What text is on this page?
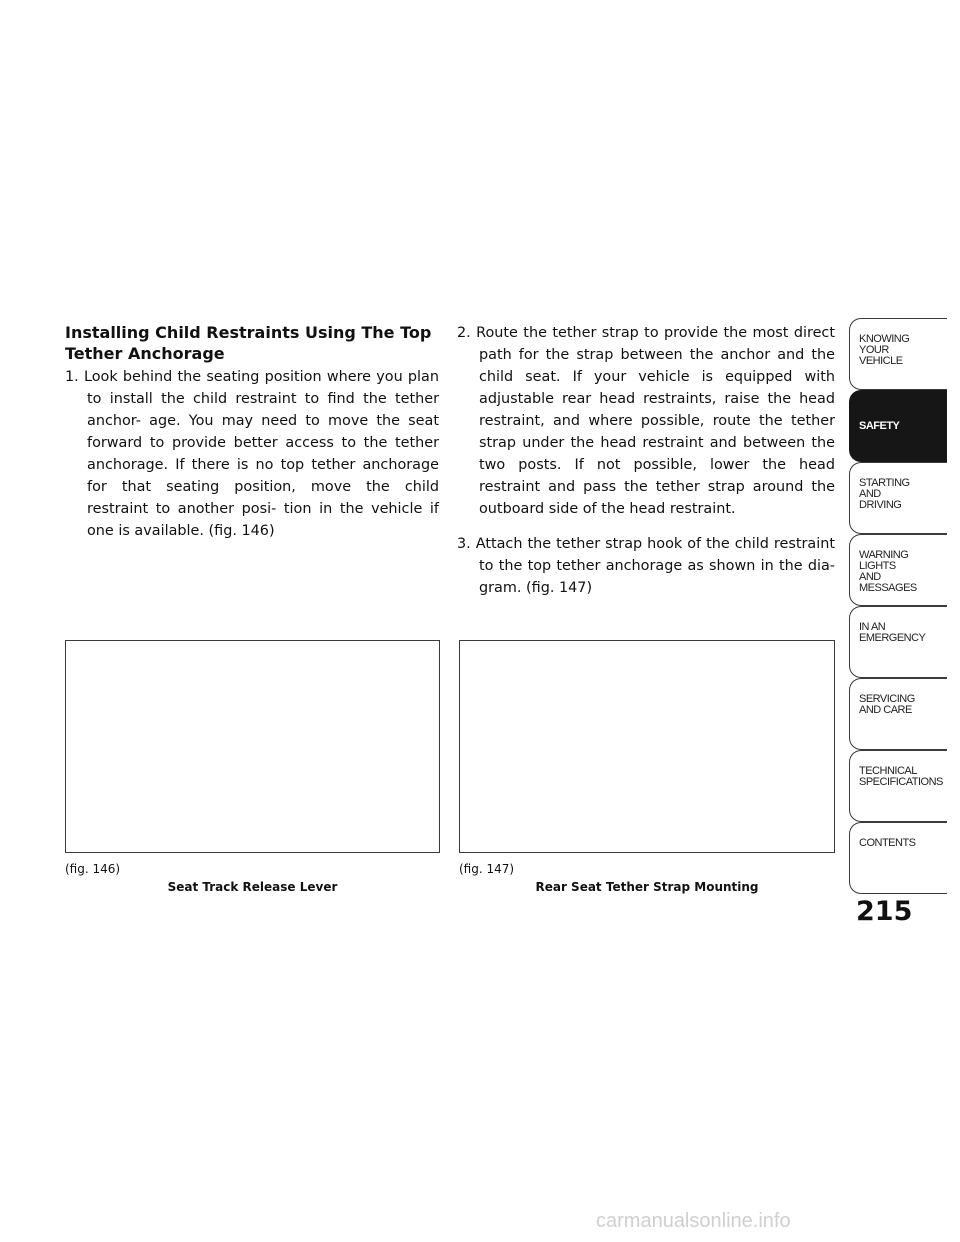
Installing Child Restraints Using The Top Tether Anchorage

1. Look behind the seating position where you plan to install the child restraint to find the tether anchor- age. You may need to move the seat forward to provide better access to the tether anchorage. If there is no top tether anchorage for that seating position, move the child restraint to another posi- tion in the vehicle if one is available. (fig. 146)

2. Route the tether strap to provide the most direct path for the strap between the anchor and the child seat. If your vehicle is equipped with adjustable rear head restraints, raise the head restraint, and where possible, route the tether strap under the head restraint and between the two posts. If not possible, lower the head restraint and pass the tether strap around the outboard side of the head restraint.

3. Attach the tether strap hook of the child restraint to the top tether anchorage as shown in the dia- gram. (fig. 147)

(fig. 146)
Seat Track Release Lever
(fig. 147)
Rear Seat Tether Strap Mounting
KNOWING
YOUR
VEHICLE
SAFETY
STARTING
AND
DRIVING
WARNING
LIGHTS
AND
MESSAGES
IN AN
EMERGENCY
SERVICING
AND CARE
TECHNICAL
SPECIFICATIONS
CONTENTS
215
carmanualsonline.info
